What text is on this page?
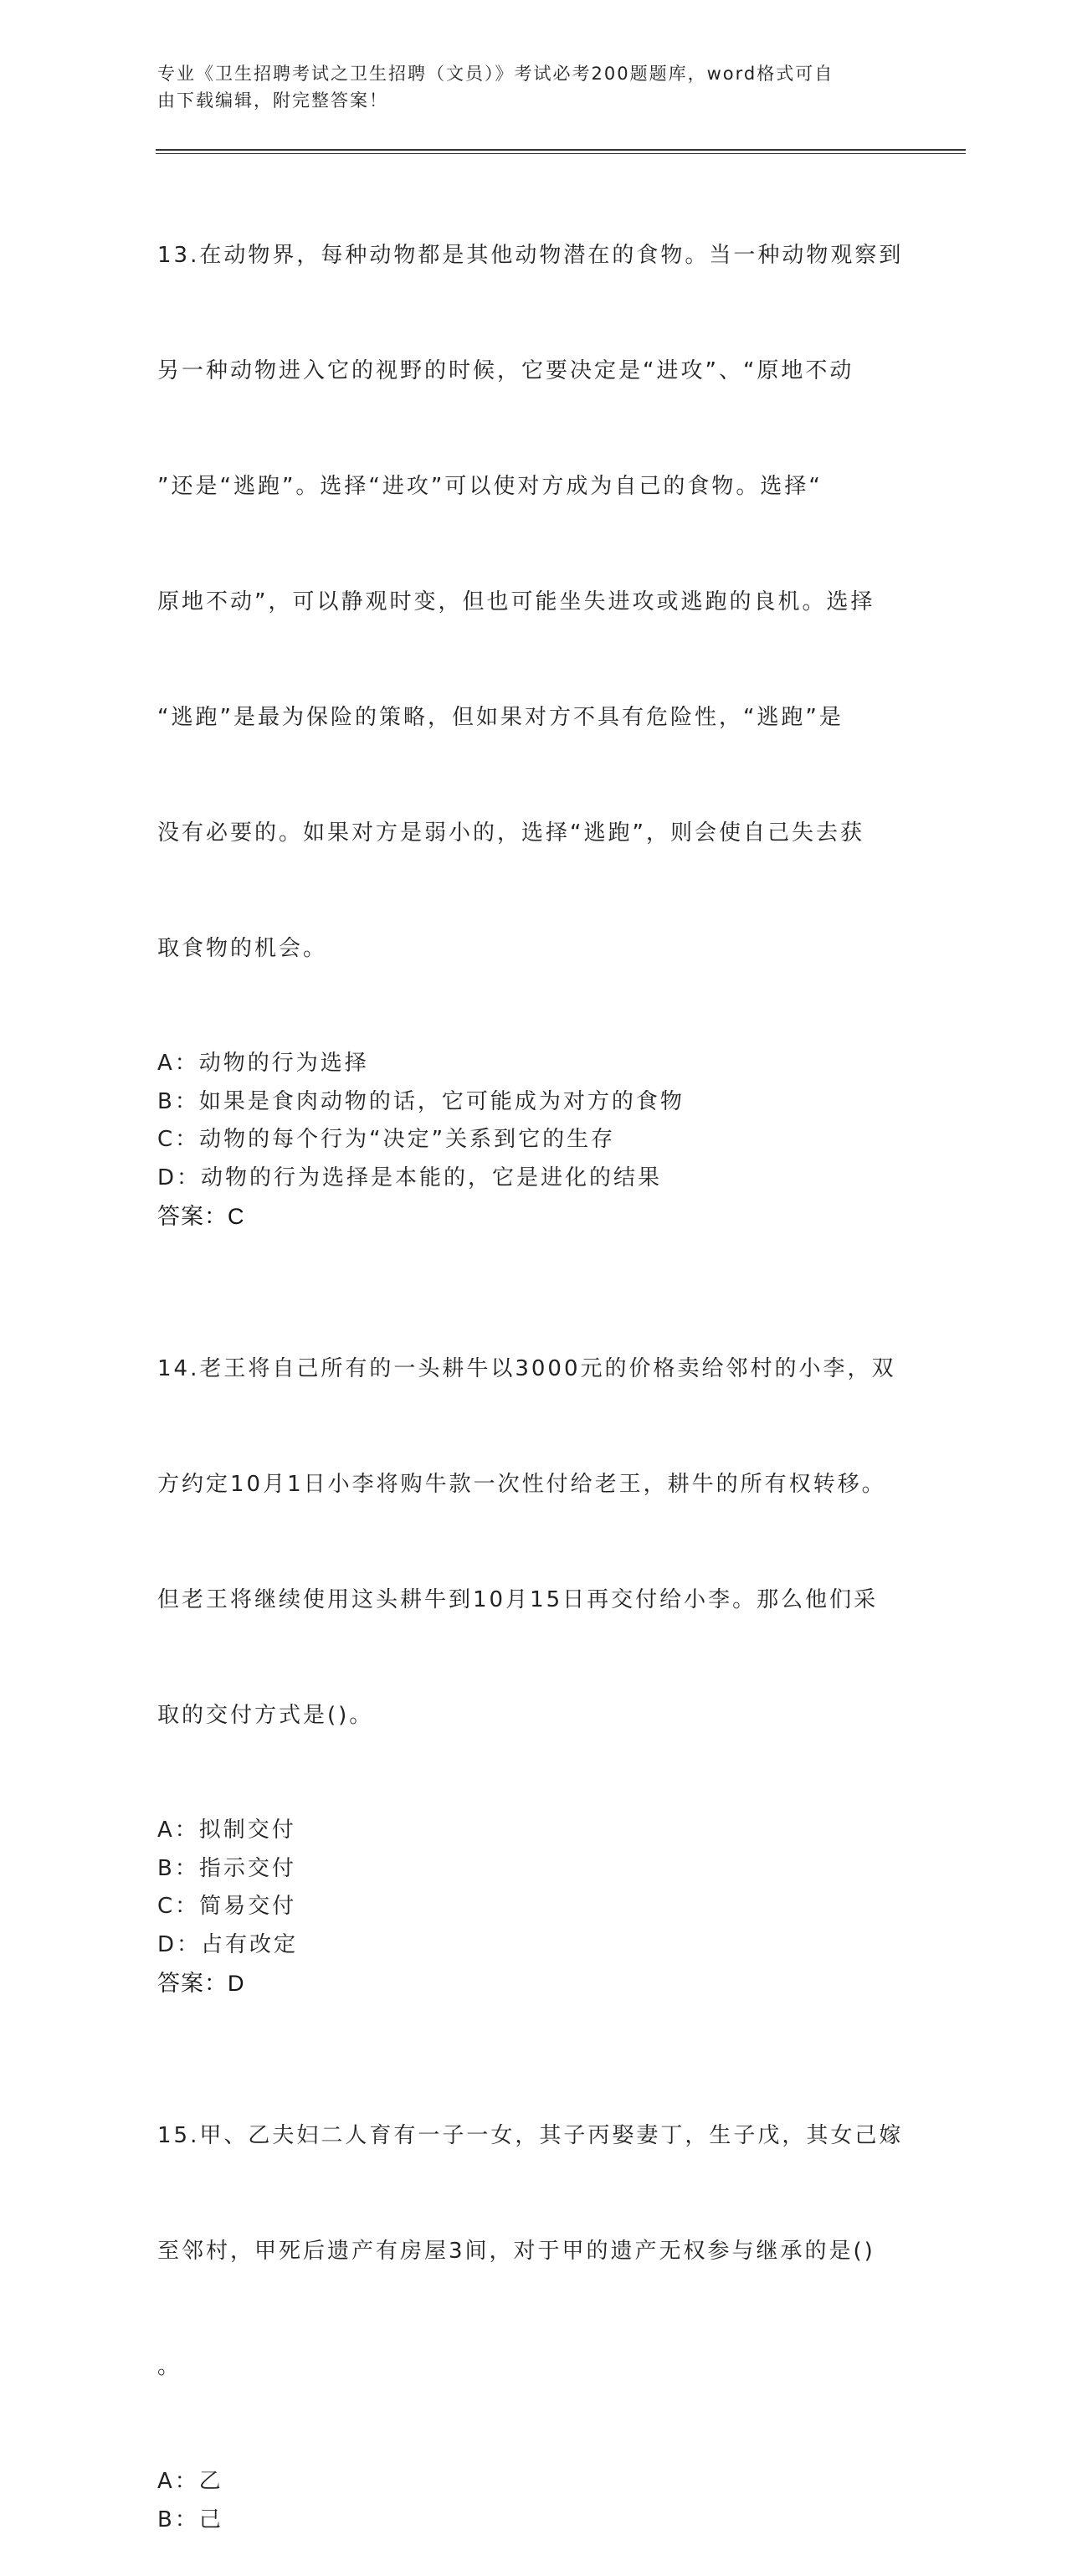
专业《卫生招聘考试之卫生招聘（文员）》考试必考200题题库，word格式可自
由下载编辑，附完整答案！

13.在动物界，每种动物都是其他动物潜在的食物。当一种动物观察到

另一种动物进入它的视野的时候，它要决定是“进攻”、“原地不动

”还是“逃跑”。选择“进攻”可以使对方成为自己的食物。选择“

原地不动”，可以静观时变，但也可能坐失进攻或逃跑的良机。选择

“逃跑”是最为保险的策略，但如果对方不具有危险性，“逃跑”是

没有必要的。如果对方是弱小的，选择“逃跑”，则会使自己失去获

取食物的机会。

A：动物的行为选择
B：如果是食肉动物的话，它可能成为对方的食物
C：动物的每个行为“决定”关系到它的生存
D：动物的行为选择是本能的，它是进化的结果
答案：C

14.老王将自己所有的一头耕牛以3000元的价格卖给邻村的小李，双

方约定10月1日小李将购牛款一次性付给老王，耕牛的所有权转移。

但老王将继续使用这头耕牛到10月15日再交付给小李。那么他们采

取的交付方式是()。

A：拟制交付
B：指示交付
C：简易交付
D：占有改定
答案：D

15.甲、乙夫妇二人育有一子一女，其子丙娶妻丁，生子戊，其女己嫁

至邻村，甲死后遗产有房屋3间，对于甲的遗产无权参与继承的是()

。

A：乙
B：己
